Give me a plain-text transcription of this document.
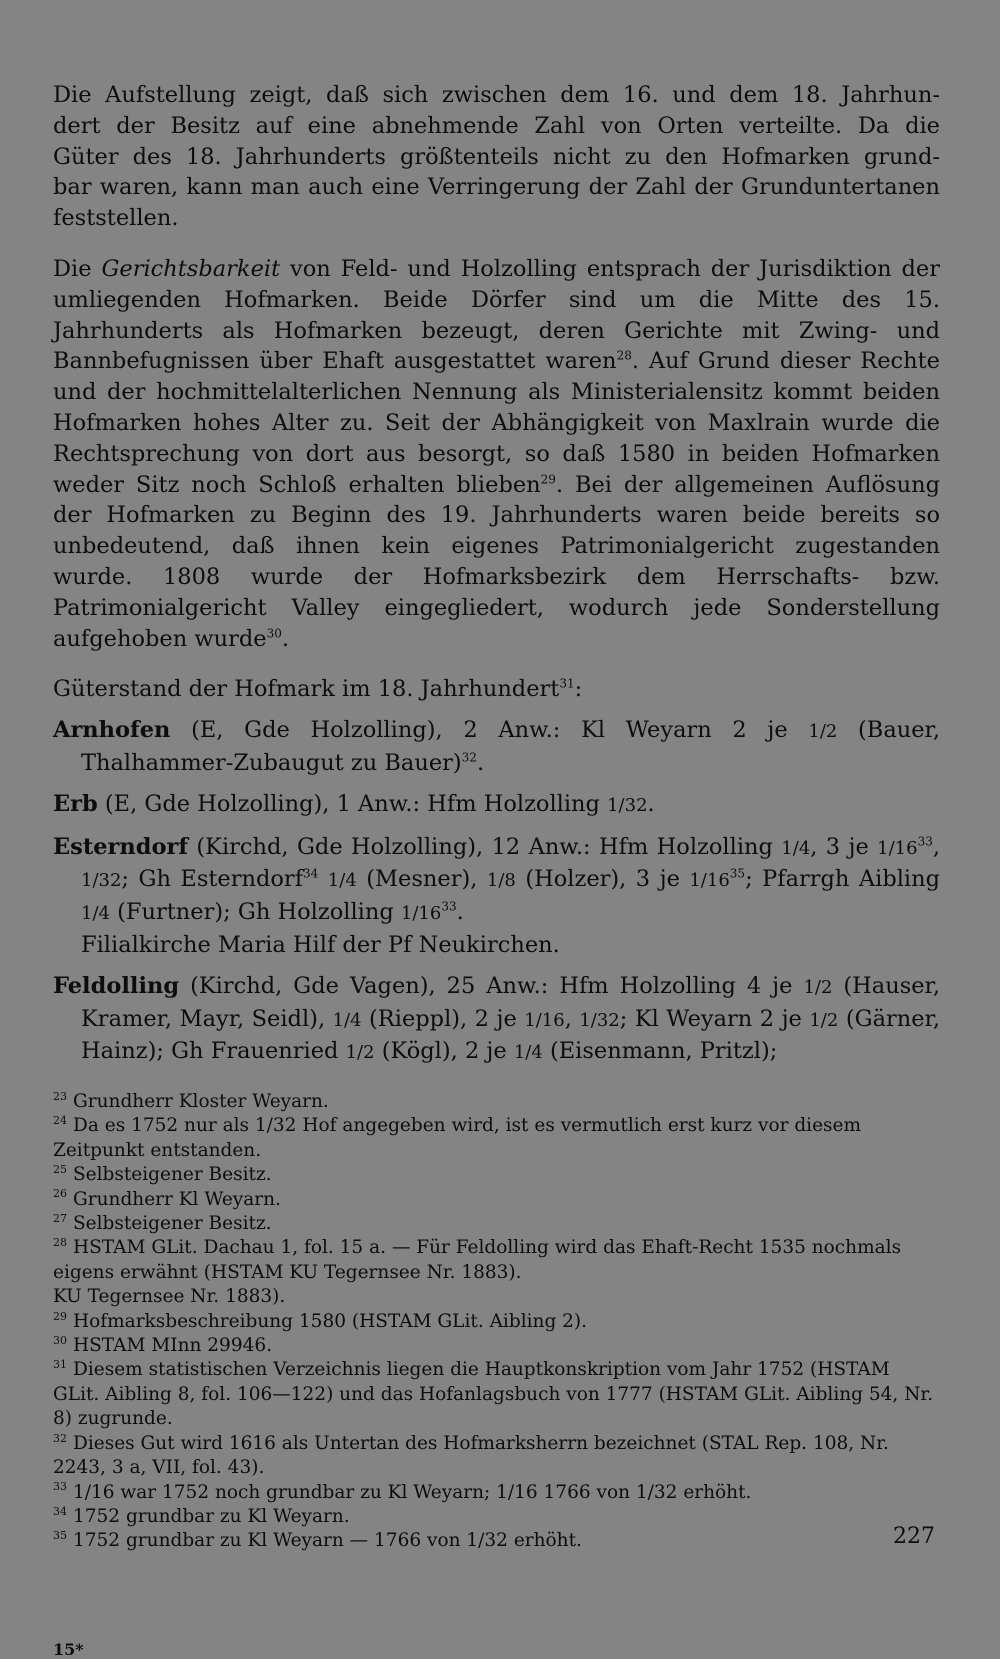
Die Aufstellung zeigt, daß sich zwischen dem 16. und dem 18. Jahrhun-
dert der Besitz auf eine abnehmende Zahl von Orten verteilte. Da die
Güter des 18. Jahrhunderts größtenteils nicht zu den Hofmarken grund-
bar waren, kann man auch eine Verringerung der Zahl der Grunduntertanen feststellen.

Die Gerichtsbarkeit von Feld- und Holzolling entsprach der Jurisdiktion der umliegenden Hofmarken. Beide Dörfer sind um die Mitte des 15. Jahrhunderts als Hofmarken bezeugt, deren Gerichte mit Zwing- und Bannbefugnissen über Ehaft ausgestattet waren$^{28}$. Auf Grund dieser Rechte und der hochmittelalterlichen Nennung als Ministerialensitz kommt beiden Hofmarken hohes Alter zu. Seit der Abhängigkeit von Maxlrain wurde die Rechtsprechung von dort aus besorgt, so daß 1580 in beiden Hofmarken weder Sitz noch Schloß erhalten blieben$^{29}$. Bei der allgemeinen Auflösung der Hofmarken zu Beginn des 19. Jahrhunderts waren beide bereits so unbedeutend, daß ihnen kein eigenes Patrimonialgericht zugestanden wurde. 1808 wurde der Hofmarksbezirk dem Herrschafts- bzw. Patrimonialgericht Valley eingegliedert, wodurch jede Sonderstellung aufgehoben wurde$^{30}$.

Güterstand der Hofmark im 18. Jahrhundert$^{31}$:

Arnhofen (E, Gde Holzolling), 2 Anw.: Kl Weyarn 2 je 1/2 (Bauer, Thalhammer-Zubaugut zu Bauer)$^{32}$.

Erb (E, Gde Holzolling), 1 Anw.: Hfm Holzolling 1/32.

Esterndorf (Kirchd, Gde Holzolling), 12 Anw.: Hfm Holzolling 1/4, 3 je $1/16^{33}$, 1/32; Gh Esterndorf$^{34}$ 1/4 (Mesner), 1/8 (Holzer), 3 je $1/16^{35}$; Pfarrgh Aibling 1/4 (Furtner); Gh Holzolling $1/16^{33}$.
Filialkirche Maria Hilf der Pf Neukirchen.

Feldolling (Kirchd, Gde Vagen), 25 Anw.: Hfm Holzolling 4 je 1/2 (Hauser, Kramer, Mayr, Seidl), 1/4 (Rieppl), 2 je 1/16, 1/32; Kl Weyarn 2 je 1/2 (Gärner, Hainz); Gh Frauenried 1/2 (Kögl), 2 je 1/4 (Eisenmann, Pritzl);

$^{23}$ Grundherr Kloster Weyarn.
$^{24}$ Da es 1752 nur als 1/32 Hof angegeben wird, ist es vermutlich erst kurz vor diesem Zeitpunkt entstanden.
$^{25}$ Selbsteigener Besitz.
$^{26}$ Grundherr Kl Weyarn.
$^{27}$ Selbsteigener Besitz.
$^{28}$ HSTAM GLit. Dachau 1, fol. 15 a. — Für Feldolling wird das Ehaft-Recht 1535 nochmals eigens erwähnt (HSTAM KU Tegernsee Nr. 1883).
KU Tegernsee Nr. 1883).
$^{29}$ Hofmarksbeschreibung 1580 (HSTAM GLit. Aibling 2).
$^{30}$ HSTAM MInn 29946.
$^{31}$ Diesem statistischen Verzeichnis liegen die Hauptkonskription vom Jahr 1752 (HSTAM GLit. Aibling 8, fol. 106—122) und das Hofanlagsbuch von 1777 (HSTAM GLit. Aibling 54, Nr. 8) zugrunde.
$^{32}$ Dieses Gut wird 1616 als Untertan des Hofmarksherrn bezeichnet (STAL Rep. 108, Nr. 2243, 3 a, VII, fol. 43).
$^{33}$ 1/16 war 1752 noch grundbar zu Kl Weyarn; 1/16 1766 von 1/32 erhöht.
$^{34}$ 1752 grundbar zu Kl Weyarn.
$^{35}$ 1752 grundbar zu Kl Weyarn — 1766 von 1/32 erhöht.	227
15*
